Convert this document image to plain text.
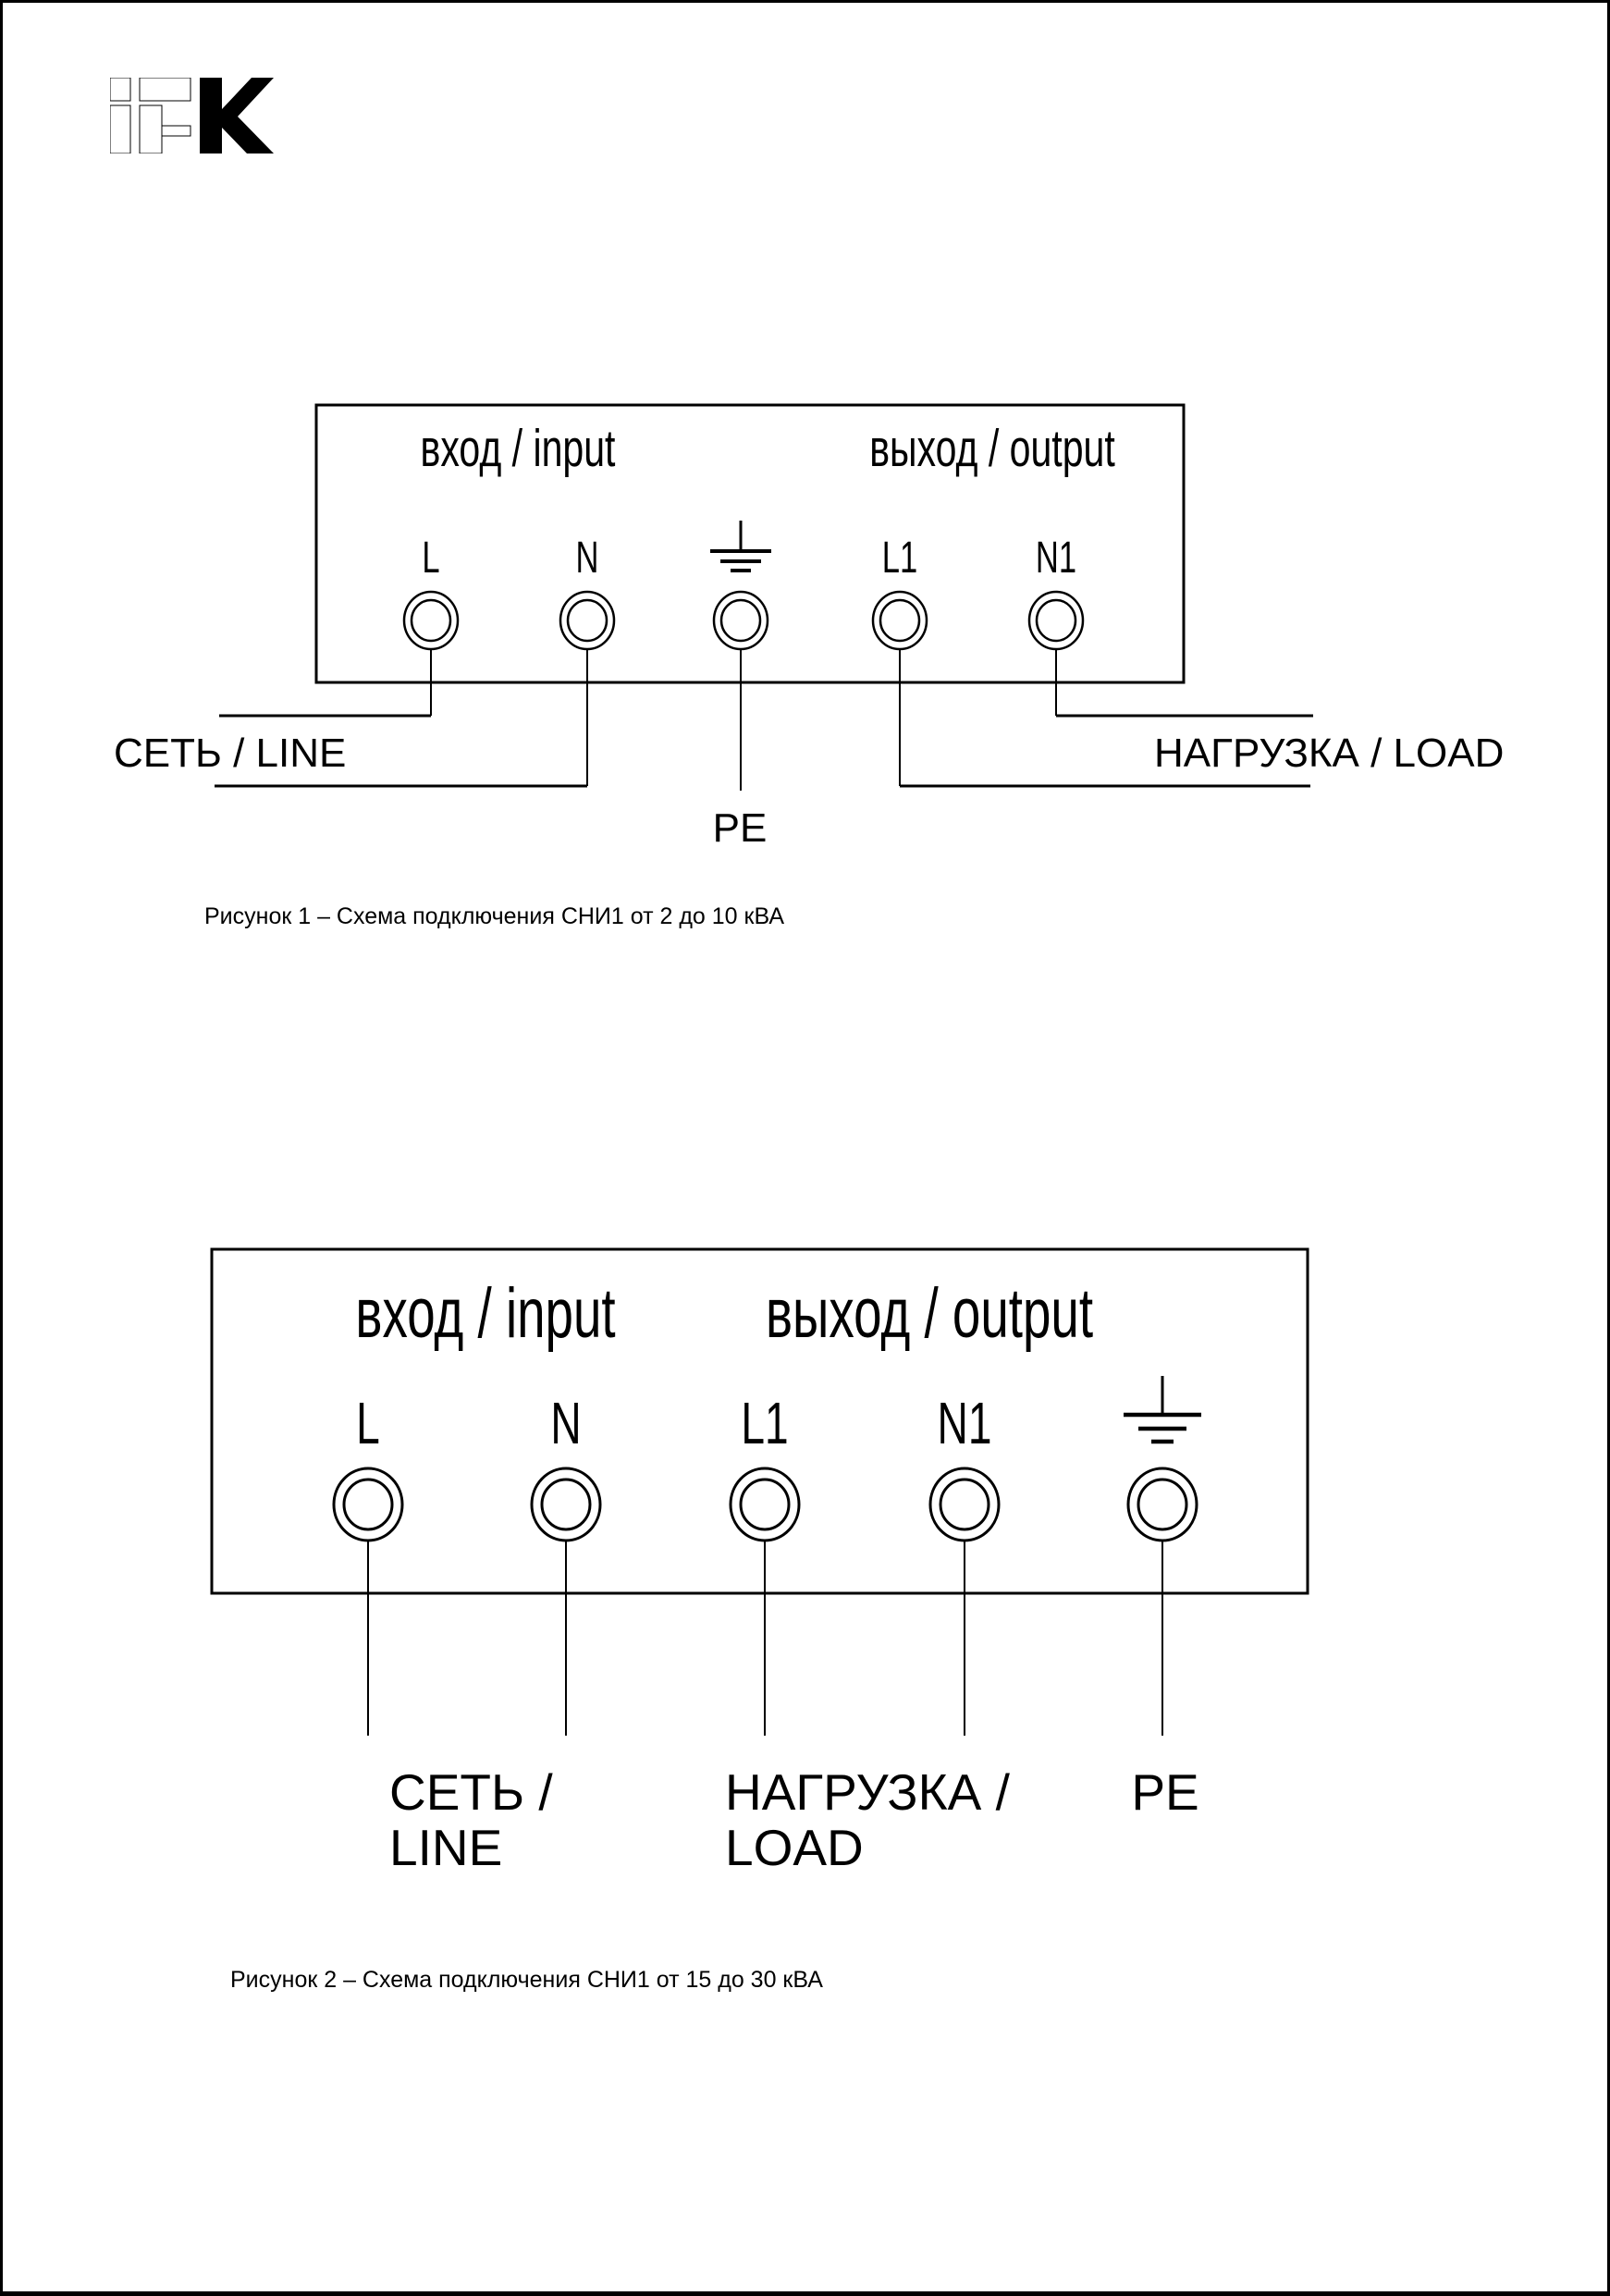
вход / input	выход / output
L	N	L1	N1
СЕТЬ / LINE	НАГРУЗКА / LOAD
PE
Рисунок 1 – Схема подключения СНИ1 от 2 до 10 кВА
вход / input выход / output
L	N	L1	N1
СЕТЬ /
LINE
НАГРУЗКА /
LOAD
PE
Рисунок 2 – Схема подключения СНИ1 от 15 до 30 кВА
